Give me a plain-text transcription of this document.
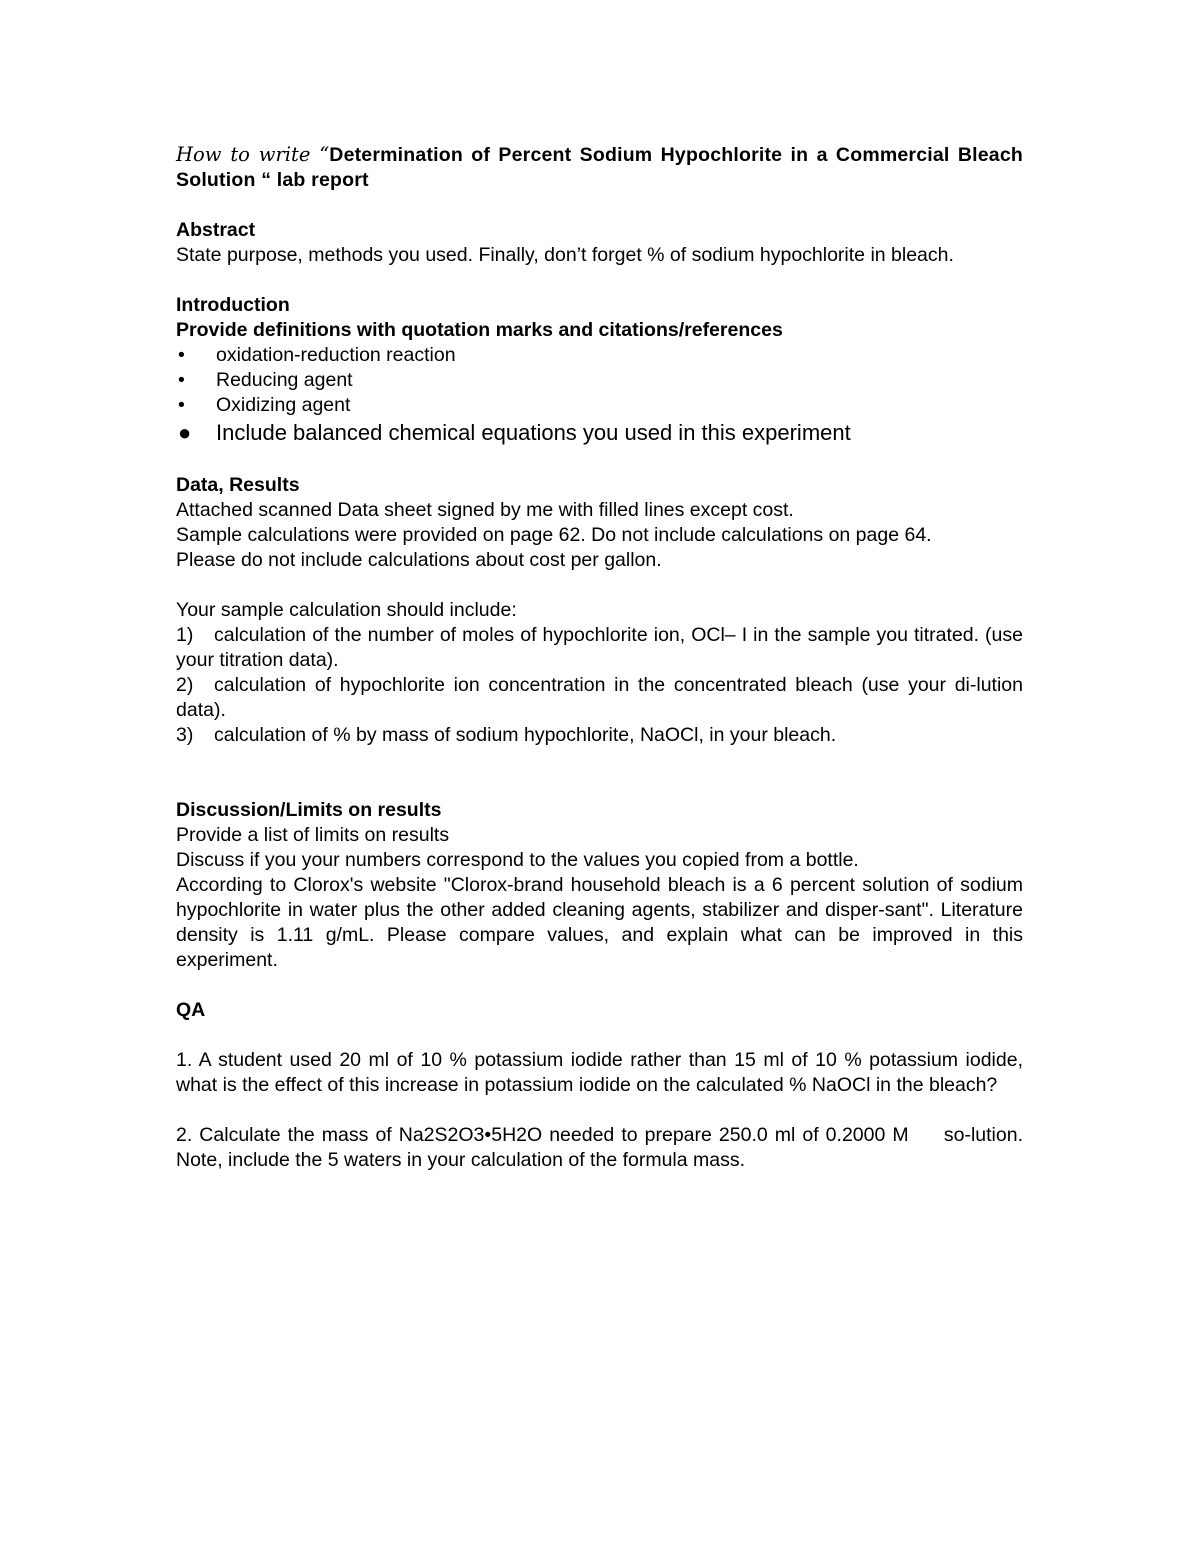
How to write “Determination of Percent Sodium Hypochlorite in a Commercial Bleach Solution “ lab report

Abstract

State purpose, methods you used. Finally, don’t forget % of sodium hypochlorite in bleach.

Introduction

Provide definitions with quotation marks and citations/references

• oxidation-reduction reaction
• Reducing agent
• Oxidizing agent
● Include balanced chemical equations you used in this experiment

Data, Results

Attached scanned Data sheet signed by me with filled lines except cost.

Sample calculations were provided on page 62. Do not include calculations on page 64.

Please do not include calculations about cost per gallon.

Your sample calculation should include:

1) calculation of the number of moles of hypochlorite ion, OCl– I in the sample you titrated. (use your titration data).

2) calculation of hypochlorite ion concentration in the concentrated bleach (use your di-lution data).

3) calculation of % by mass of sodium hypochlorite, NaOCl, in your bleach.

Discussion/Limits on results

Provide a list of limits on results

Discuss if you your numbers correspond to the values you copied from a bottle.

According to Clorox's website "Clorox-brand household bleach is a 6 percent solution of sodium hypochlorite in water plus the other added cleaning agents, stabilizer and disper-sant". Literature density is 1.11 g/mL. Please compare values, and explain what can be improved in this experiment.

QA

1. A student used 20 ml of 10 % potassium iodide rather than 15 ml of 10 % potassium iodide, what is the effect of this increase in potassium iodide on the calculated % NaOCl in the bleach?

2. Calculate the mass of Na2S2O3•5H2O needed to prepare 250.0 ml of 0.2000 M     so-lution. Note, include the 5 waters in your calculation of the formula mass.
